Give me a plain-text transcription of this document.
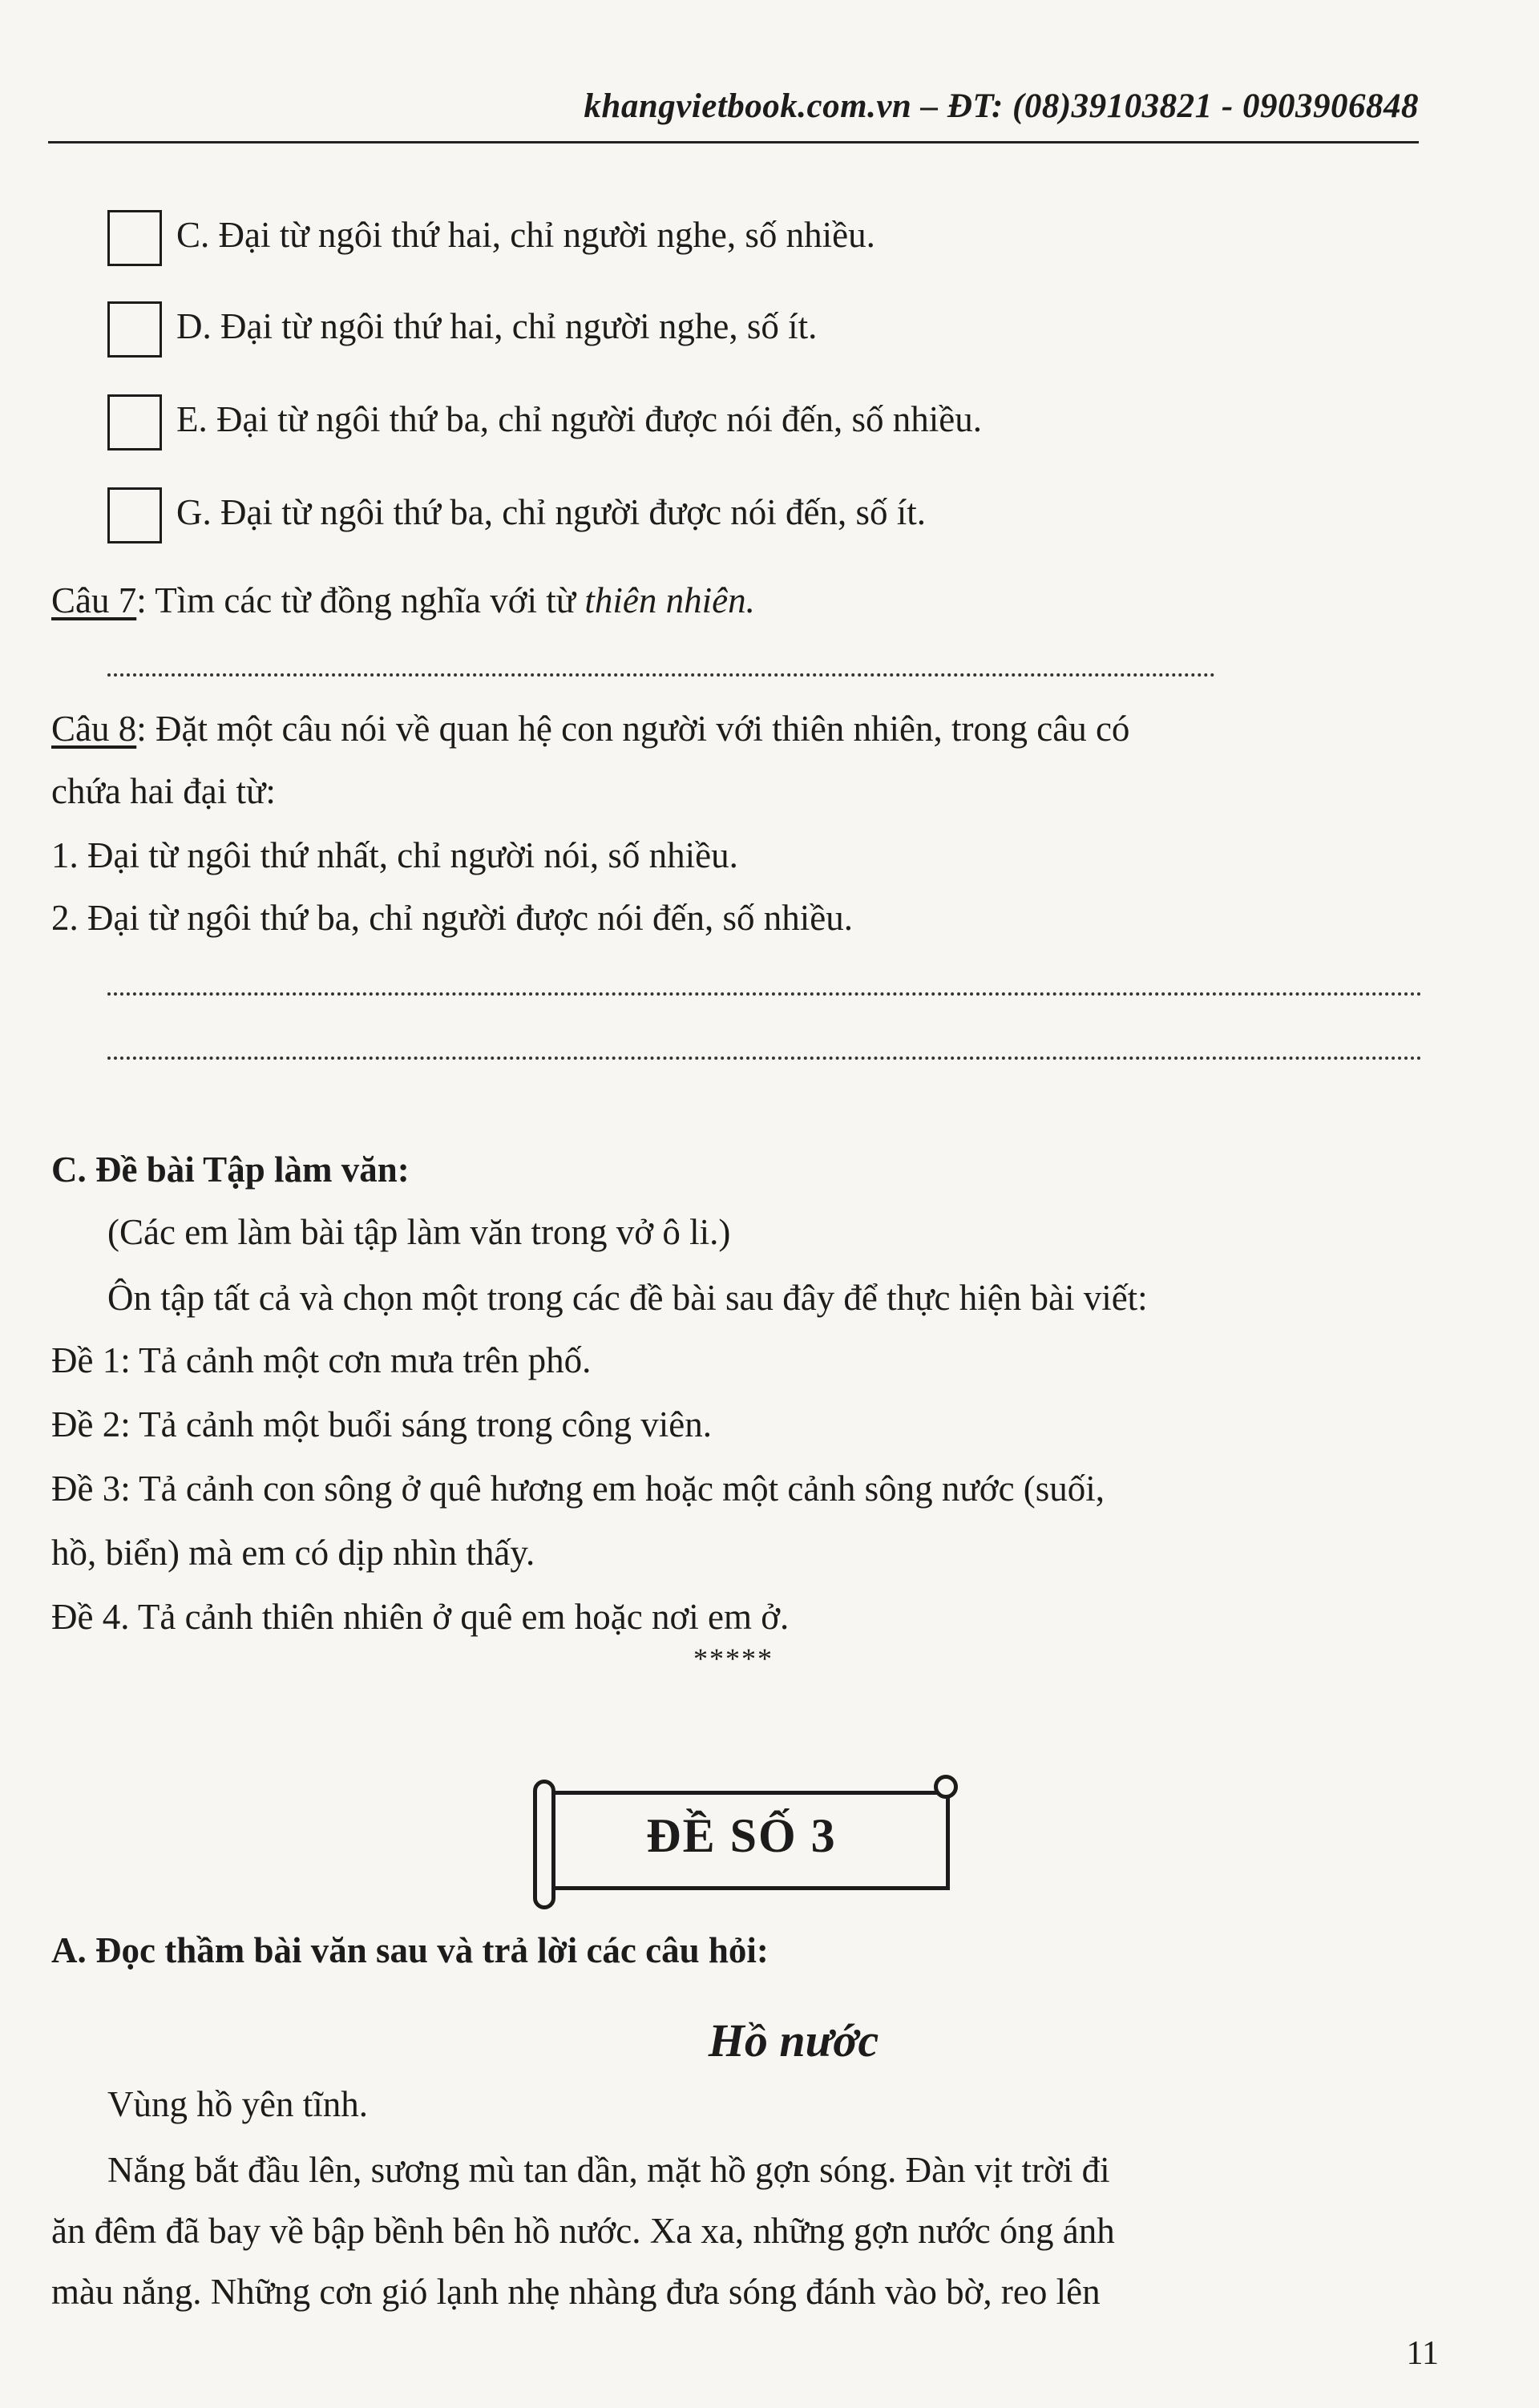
khangvietbook.com.vn – ĐT: (08)39103821 - 0903906848
C. Đại từ ngôi thứ hai, chỉ người nghe, số nhiều.
D. Đại từ ngôi thứ hai, chỉ người nghe, số ít.
E. Đại từ ngôi thứ ba, chỉ người được nói đến, số nhiều.
G. Đại từ ngôi thứ ba, chỉ người được nói đến, số ít.
Câu 7: Tìm các từ đồng nghĩa với từ thiên nhiên.
Câu 8: Đặt một câu nói về quan hệ con người với thiên nhiên, trong câu có
chứa hai đại từ:
1. Đại từ ngôi thứ nhất, chỉ người nói, số nhiều.
2. Đại từ ngôi thứ ba, chỉ người được nói đến, số nhiều.
C. Đề bài Tập làm văn:
(Các em làm bài tập làm văn trong vở ô li.)
Ôn tập tất cả và chọn một trong các đề bài sau đây để thực hiện bài viết:
Đề 1: Tả cảnh một cơn mưa trên phố.
Đề 2: Tả cảnh một buổi sáng trong công viên.
Đề 3: Tả cảnh con sông ở quê hương em hoặc một cảnh sông nước (suối,
hồ, biển) mà em có dịp nhìn thấy.
Đề 4. Tả cảnh thiên nhiên ở quê em hoặc nơi em ở.
*****
ĐỀ SỐ 3
A. Đọc thầm bài văn sau và trả lời các câu hỏi:
Hồ nước
Vùng hồ yên tĩnh.
Nắng bắt đầu lên, sương mù tan dần, mặt hồ gợn sóng. Đàn vịt trời đi
ăn đêm đã bay về bập bềnh bên hồ nước. Xa xa, những gợn nước óng ánh
màu nắng. Những cơn gió lạnh nhẹ nhàng đưa sóng đánh vào bờ, reo lên
11
